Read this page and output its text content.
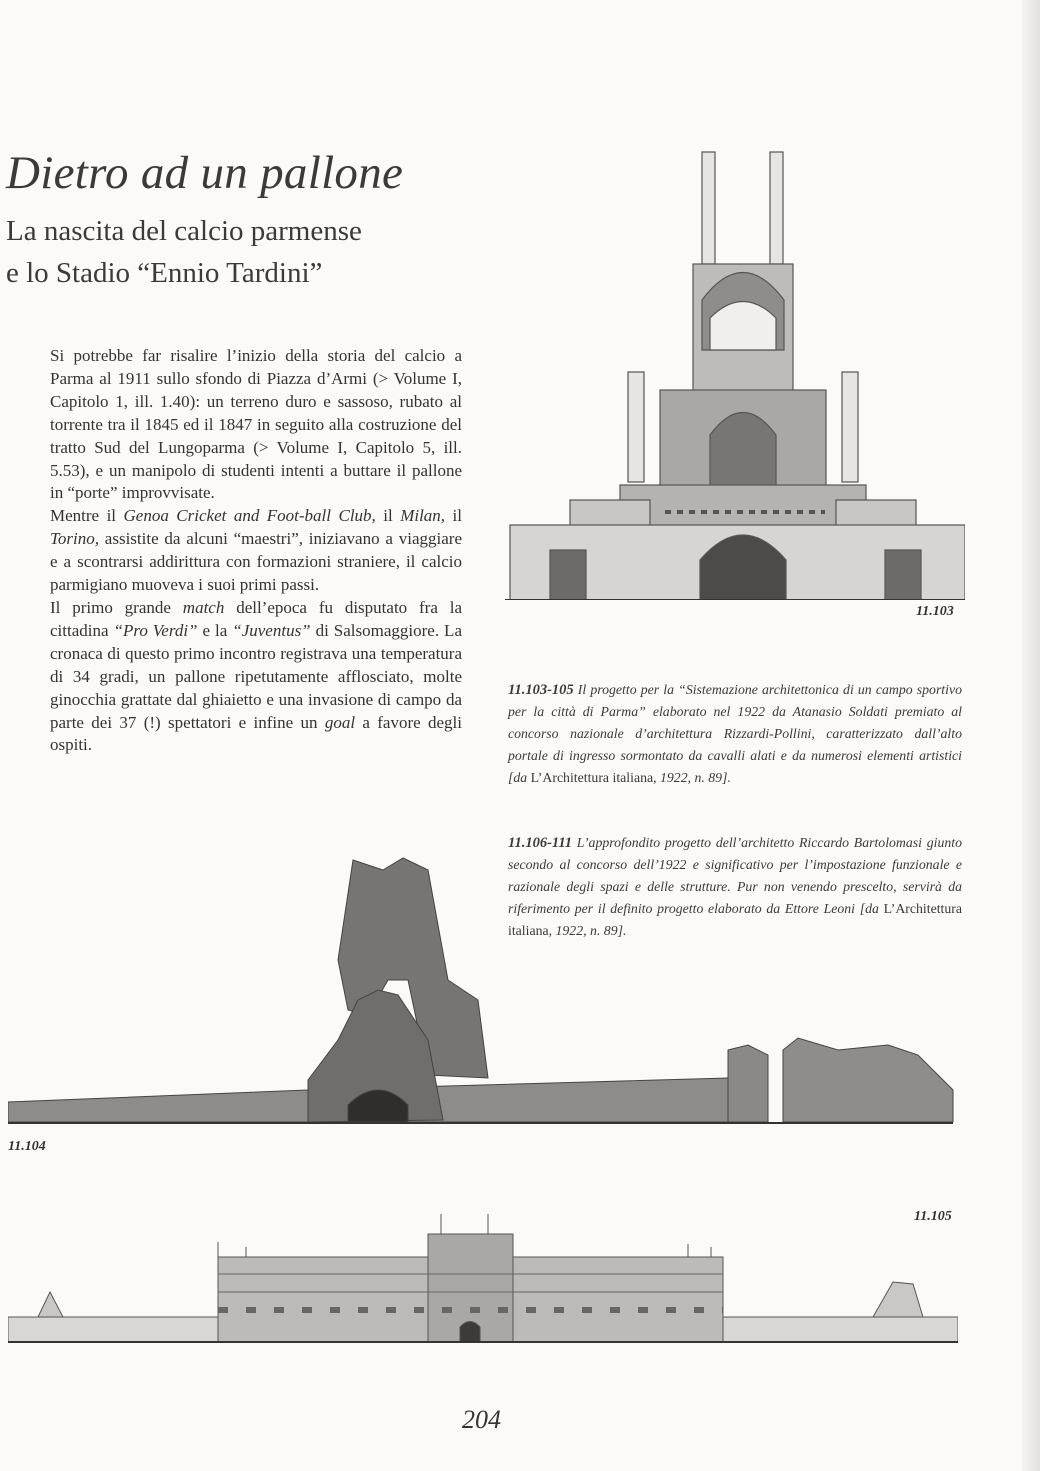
Dietro ad un pallone
La nascita del calcio parmense
e lo Stadio “Ennio Tardini”

Si potrebbe far risalire l’inizio della storia del calcio a Parma al 1911 sullo sfondo di Piazza d’Armi (> Volume I, Capitolo 1, ill. 1.40): un terreno duro e sassoso, rubato al torrente tra il 1845 ed il 1847 in seguito alla costruzione del tratto Sud del Lungoparma (> Volume I, Capitolo 5, ill. 5.53), e un manipolo di studenti intenti a buttare il pallone in “porte” improvvisate.

Mentre il Genoa Cricket and Foot-ball Club, il Milan, il Torino, assistite da alcuni “maestri”, iniziavano a viaggiare e a scontrarsi addirittura con formazioni straniere, il calcio parmigiano muoveva i suoi primi passi.

Il primo grande match dell’epoca fu disputato fra la cittadina “Pro Verdi” e la “Juventus” di Salsomaggiore. La cronaca di questo primo incontro registrava una temperatura di 34 gradi, un pallone ripetutamente afflosciato, molte ginocchia grattate dal ghiaietto e una invasione di campo da parte dei 37 (!) spettatori e infine un goal a favore degli ospiti.

11.103
11.103-105 Il progetto per la “Sistemazione architettonica di un campo sportivo per la città di Parma” elaborato nel 1922 da Atanasio Soldati premiato al concorso nazionale d’architettura Rizzardi-Pollini, caratterizzato dall’alto portale di ingresso sormontato da cavalli alati e da numerosi elementi artistici [da L’Architettura italiana, 1922, n. 89].
11.106-111 L’approfondito progetto dell’architetto Riccardo Bartolomasi giunto secondo al concorso dell’1922 e significativo per l’impostazione funzionale e razionale degli spazi e delle strutture. Pur non venendo prescelto, servirà da riferimento per il definito progetto elaborato da Ettore Leoni [da L’Architettura italiana, 1922, n. 89].
11.104
11.105
204
